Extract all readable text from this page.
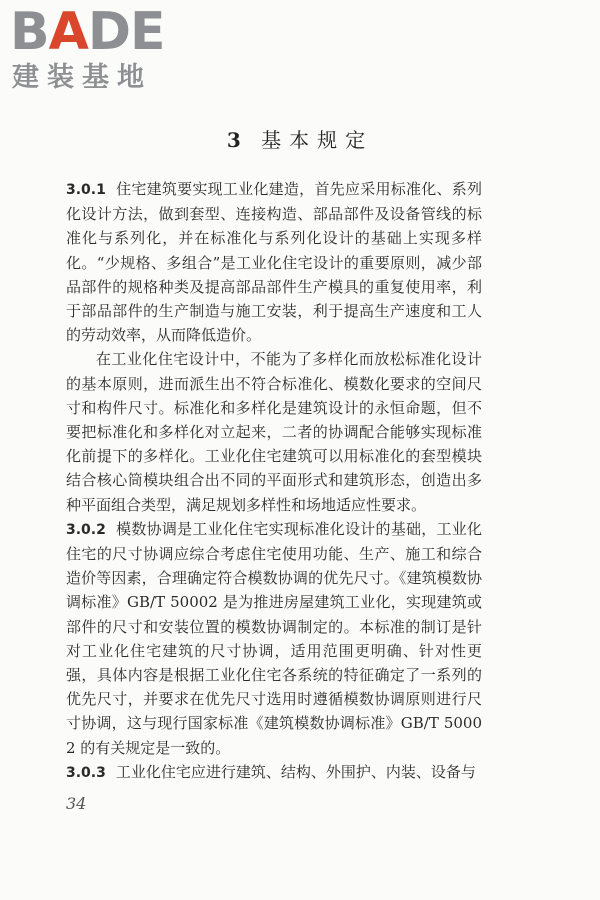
BADE
建装基地
3 基本规定

3.0.1 住宅建筑要实现工业化建造，首先应采用标准化、系列化设计方法，做到套型、连接构造、部品部件及设备管线的标准化与系列化，并在标准化与系列化设计的基础上实现多样化。“少规格、多组合”是工业化住宅设计的重要原则，减少部品部件的规格种类及提高部品部件生产模具的重复使用率，利于部品部件的生产制造与施工安装，利于提高生产速度和工人的劳动效率，从而降低造价。

在工业化住宅设计中，不能为了多样化而放松标准化设计的基本原则，进而派生出不符合标准化、模数化要求的空间尺寸和构件尺寸。标准化和多样化是建筑设计的永恒命题，但不要把标准化和多样化对立起来，二者的协调配合能够实现标准化前提下的多样化。工业化住宅建筑可以用标准化的套型模块结合核心筒模块组合出不同的平面形式和建筑形态，创造出多种平面组合类型，满足规划多样性和场地适应性要求。

3.0.2 模数协调是工业化住宅实现标准化设计的基础，工业化住宅的尺寸协调应综合考虑住宅使用功能、生产、施工和综合造价等因素，合理确定符合模数协调的优先尺寸。《建筑模数协调标准》GB/T 50002 是为推进房屋建筑工业化，实现建筑或部件的尺寸和安装位置的模数协调制定的。本标准的制订是针对工业化住宅建筑的尺寸协调，适用范围更明确、针对性更强，具体内容是根据工业化住宅各系统的特征确定了一系列的优先尺寸，并要求在优先尺寸选用时遵循模数协调原则进行尺寸协调，这与现行国家标准《建筑模数协调标准》GB/T 50002 的有关规定是一致的。

3.0.3 工业化住宅应进行建筑、结构、外围护、内装、设备与

34
